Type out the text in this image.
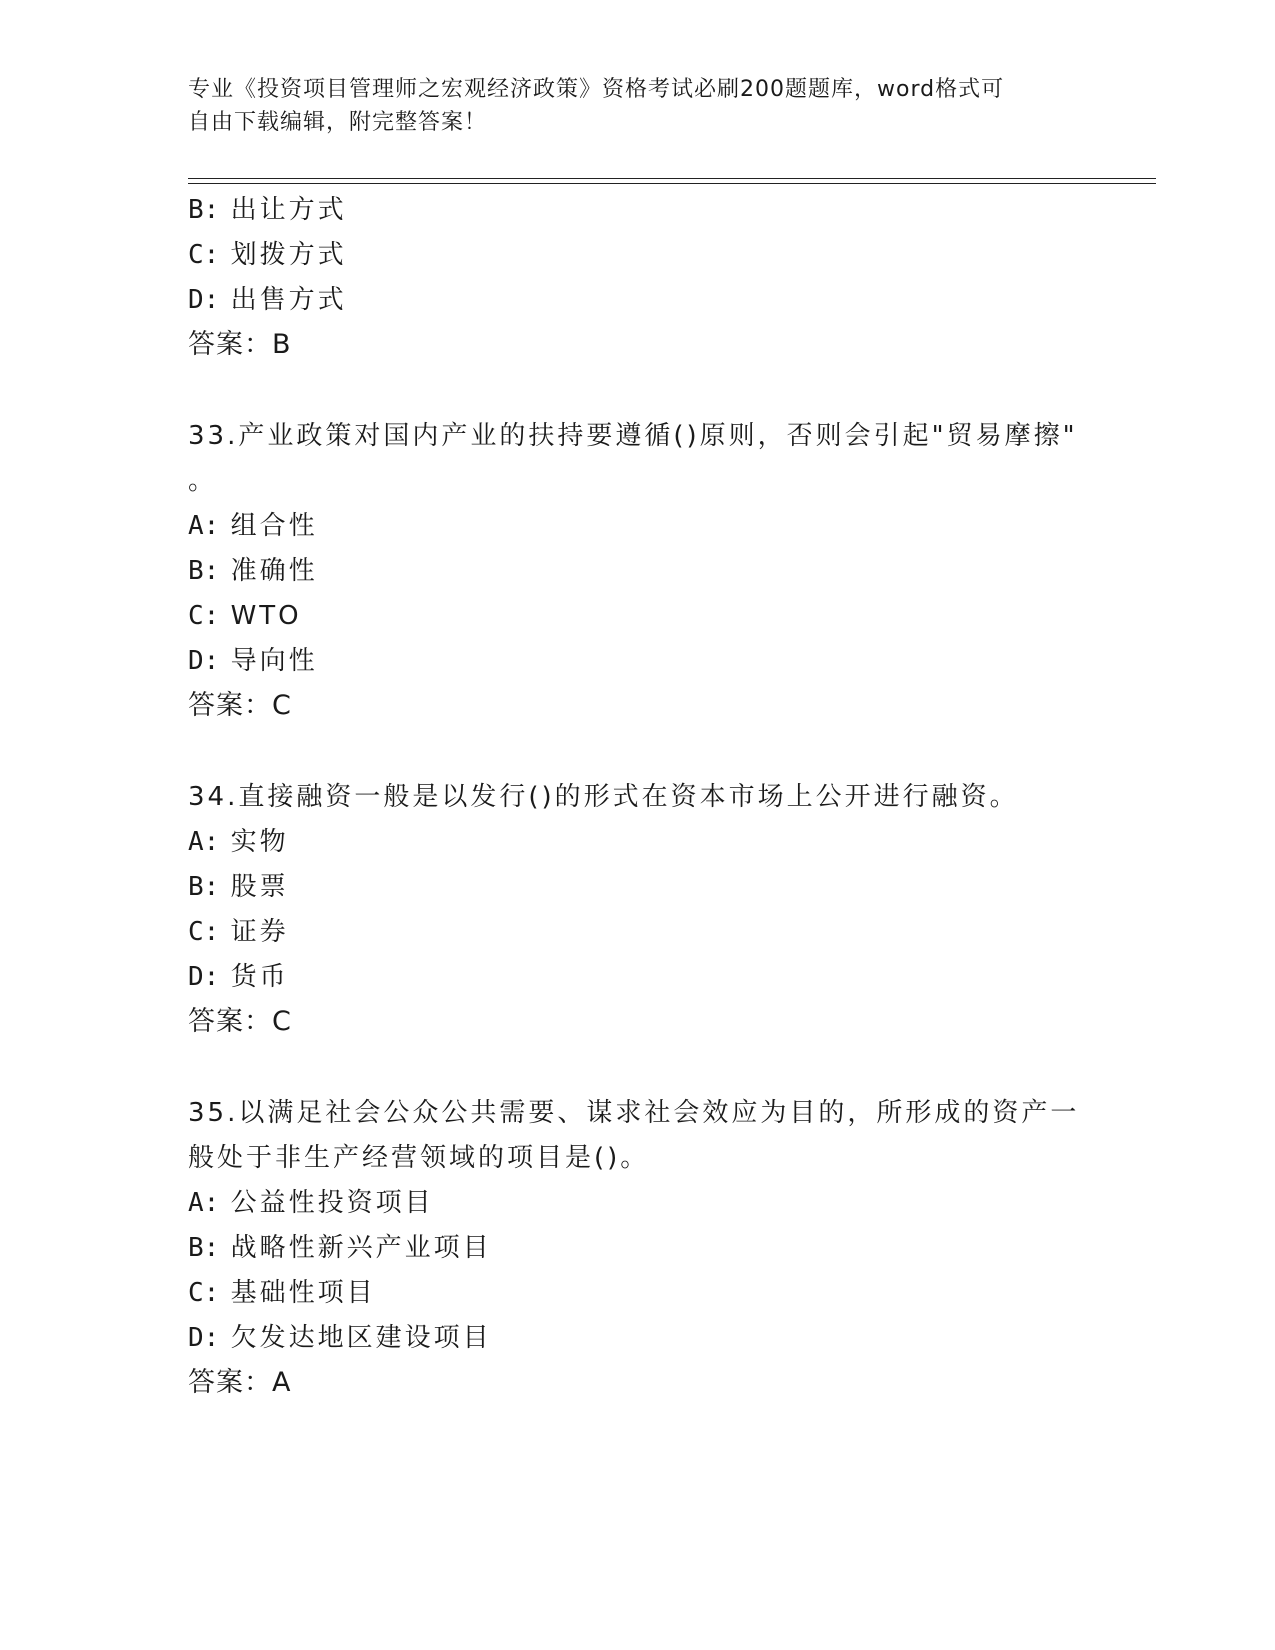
专业《投资项目管理师之宏观经济政策》资格考试必刷200题题库，word格式可
自由下载编辑，附完整答案！
B: 出让方式
C: 划拨方式
D: 出售方式
答案：B
33.产业政策对国内产业的扶持要遵循()原则，否则会引起"贸易摩擦"
。
A: 组合性
B: 准确性
C: WTO
D: 导向性
答案：C
34.直接融资一般是以发行()的形式在资本市场上公开进行融资。
A: 实物
B: 股票
C: 证券
D: 货币
答案：C
35.以满足社会公众公共需要、谋求社会效应为目的，所形成的资产一
般处于非生产经营领域的项目是()。
A: 公益性投资项目
B: 战略性新兴产业项目
C: 基础性项目
D: 欠发达地区建设项目
答案：A
